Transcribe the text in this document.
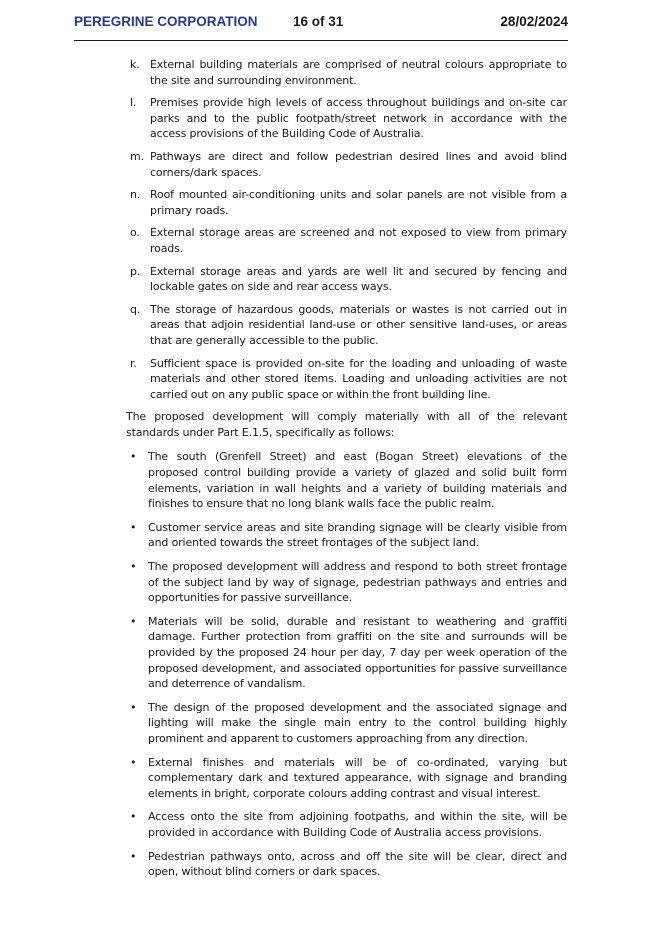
PEREGRINE CORPORATION	16 of 31	28/02/2024
k. External building materials are comprised of neutral colours appropriate to the site and surrounding environment.
l. Premises provide high levels of access throughout buildings and on-site car parks and to the public footpath/street network in accordance with the access provisions of the Building Code of Australia.
m. Pathways are direct and follow pedestrian desired lines and avoid blind corners/dark spaces.
n. Roof mounted air-conditioning units and solar panels are not visible from a primary roads.
o. External storage areas are screened and not exposed to view from primary roads.
p. External storage areas and yards are well lit and secured by fencing and lockable gates on side and rear access ways.
q. The storage of hazardous goods, materials or wastes is not carried out in areas that adjoin residential land-use or other sensitive land-uses, or areas that are generally accessible to the public.
r. Sufficient space is provided on-site for the loading and unloading of waste materials and other stored items. Loading and unloading activities are not carried out on any public space or within the front building line.

The proposed development will comply materially with all of the relevant standards under Part E.1.5, specifically as follows:

• The south (Grenfell Street) and east (Bogan Street) elevations of the proposed control building provide a variety of glazed and solid built form elements, variation in wall heights and a variety of building materials and finishes to ensure that no long blank walls face the public realm.
• Customer service areas and site branding signage will be clearly visible from and oriented towards the street frontages of the subject land.
• The proposed development will address and respond to both street frontage of the subject land by way of signage, pedestrian pathways and entries and opportunities for passive surveillance.
• Materials will be solid, durable and resistant to weathering and graffiti damage. Further protection from graffiti on the site and surrounds will be provided by the proposed 24 hour per day, 7 day per week operation of the proposed development, and associated opportunities for passive surveillance and deterrence of vandalism.
• The design of the proposed development and the associated signage and lighting will make the single main entry to the control building highly prominent and apparent to customers approaching from any direction.
• External finishes and materials will be of co-ordinated, varying but complementary dark and textured appearance, with signage and branding elements in bright, corporate colours adding contrast and visual interest.
• Access onto the site from adjoining footpaths, and within the site, will be provided in accordance with Building Code of Australia access provisions.
• Pedestrian pathways onto, across and off the site will be clear, direct and open, without blind corners or dark spaces.
